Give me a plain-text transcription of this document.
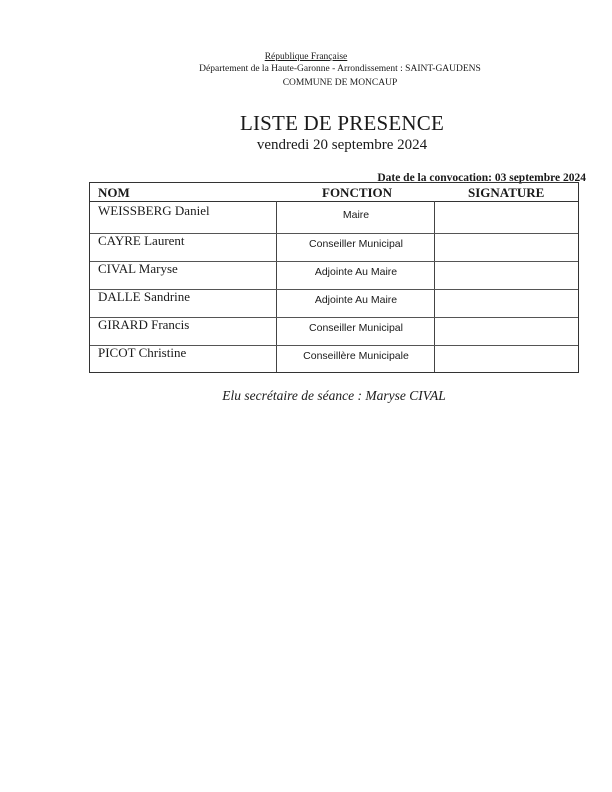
République Française
Département de la Haute-Garonne - Arrondissement : SAINT-GAUDENS
COMMUNE DE MONCAUP
LISTE DE PRESENCE
vendredi 20 septembre 2024
Date de la convocation: 03 septembre 2024
NOM	FONCTION	SIGNATURE
WEISSBERG Daniel	Maire
CAYRE Laurent	Conseiller Municipal
CIVAL Maryse	Adjointe Au Maire
DALLE Sandrine	Adjointe Au Maire
GIRARD Francis	Conseiller Municipal
PICOT Christine	Conseillère Municipale
Elu secrétaire de séance : Maryse CIVAL
